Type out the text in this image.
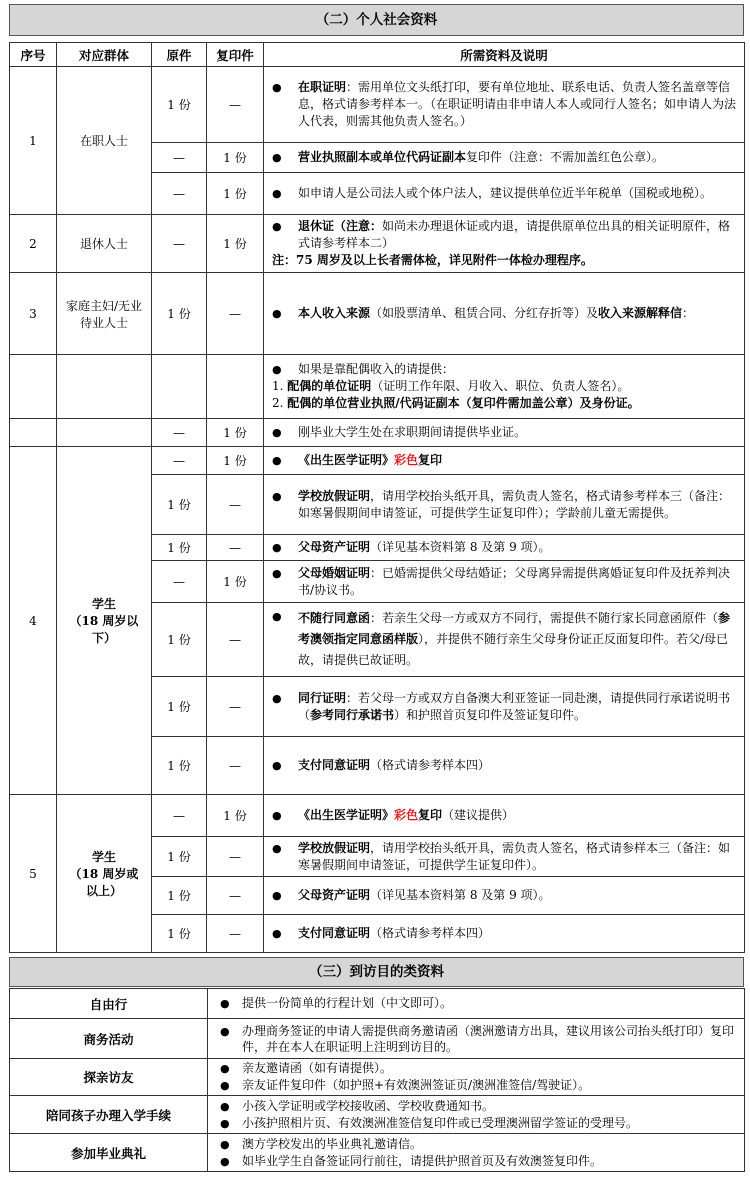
（二）个人社会资料
序号	对应群体	原件	复印件	所需资料及说明
1	在职人士	1 份	—	● 在职证明：需用单位文头纸打印，要有单位地址、联系电话、负责人签名盖章等信息，格式请参考样本一。（在职证明请由非申请人本人或同行人签名；如申请人为法人代表，则需其他负责人签名。）

		—	1 份	● 营业执照副本或单位代码证副本复印件（注意：不需加盖红色公章）。

		—	1 份	● 如申请人是公司法人或个体户法人，建议提供单位近半年税单（国税或地税）。

2	退休人士	—	1 份	● 退休证（注意：如尚未办理退休证或内退，请提供原单位出具的相关证明原件，格式请参考样本二）
注：75 周岁及以上长者需体检，详见附件一体检办理程序。

3	家庭主妇/无业待业人士	1 份	—	● 本人收入来源（如股票清单、租赁合同、分红存折等）及收入来源解释信：

				● 如果是靠配偶收入的请提供：
1. 配偶的单位证明（证明工作年限、月收入、职位、负责人签名）。
2. 配偶的单位营业执照/代码证副本（复印件需加盖公章）及身份证。

		—	1 份	● 刚毕业大学生处在求职期间请提供毕业证。

4	学生
（18 周岁以下）	—	1 份	● 《出生医学证明》彩色复印

		1 份	—	● 学校放假证明，请用学校抬头纸开具，需负责人签名，格式请参考样本三（备注：如寒暑假期间申请签证，可提供学生证复印件）；学龄前儿童无需提供。

		1 份	—	● 父母资产证明（详见基本资料第 8 及第 9 项）。

		—	1 份	● 父母婚姻证明：已婚需提供父母结婚证；父母离异需提供离婚证复印件及抚养判决书/协议书。

		1 份	—	● 不随行同意函：若亲生父母一方或双方不同行，需提供不随行家长同意函原件（参考澳领指定同意函样版），并提供不随行亲生父母身份证正反面复印件。若父/母已故，请提供已故证明。

		1 份	—	● 同行证明：若父母一方或双方自备澳大利亚签证一同赴澳，请提供同行承诺说明书（参考同行承诺书）和护照首页复印件及签证复印件。

		1 份	—	● 支付同意证明（格式请参考样本四）

5	学生
（18 周岁或以上）	—	1 份	● 《出生医学证明》彩色复印（建议提供）

		1 份	—	● 学校放假证明，请用学校抬头纸开具，需负责人签名，格式请参样本三（备注：如寒暑假期间申请签证，可提供学生证复印件）。

		1 份	—	● 父母资产证明（详见基本资料第 8 及第 9 项）。

		1 份	—	● 支付同意证明（格式请参考样本四）
（三）到访目的类资料
自由行	● 提供一份简单的行程计划（中文即可）。

商务活动	● 办理商务签证的申请人需提供商务邀请函（澳洲邀请方出具，建议用该公司抬头纸打印）复印件，并在本人在职证明上注明到访目的。

探亲访友	● 亲友邀请函（如有请提供）。
● 亲友证件复印件（如护照+有效澳洲签证页/澳洲准签信/驾驶证）。

陪同孩子办理入学手续	● 小孩入学证明或学校接收函、学校收费通知书。
● 小孩护照相片页、有效澳洲准签信复印件或已受理澳洲留学签证的受理号。

参加毕业典礼	● 澳方学校发出的毕业典礼邀请信。
● 如毕业学生自备签证同行前往，请提供护照首页及有效澳签复印件。
